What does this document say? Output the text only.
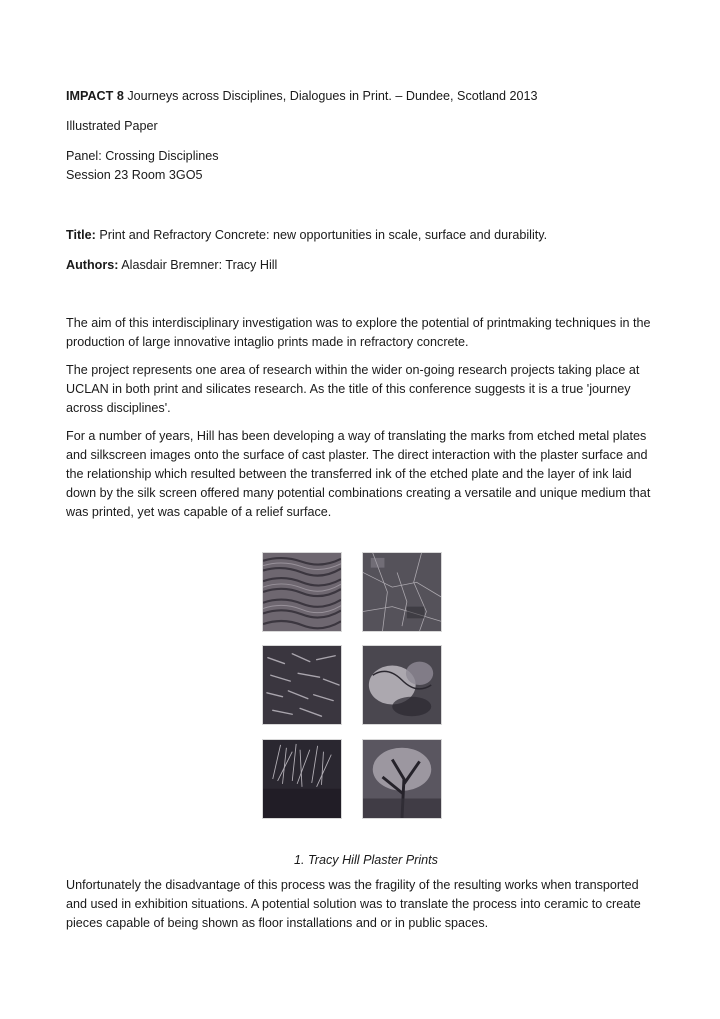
IMPACT 8 Journeys across Disciplines, Dialogues in Print. – Dundee, Scotland 2013
Illustrated Paper
Panel: Crossing Disciplines
Session 23 Room 3GO5
Title: Print and Refractory Concrete: new opportunities in scale, surface and durability.
Authors: Alasdair Bremner: Tracy Hill
The aim of this interdisciplinary investigation was to explore the potential of printmaking techniques in the production of large innovative intaglio prints made in refractory concrete.
The project represents one area of research within the wider on-going research projects taking place at UCLAN in both print and silicates research. As the title of this conference suggests it is a true 'journey across disciplines'.
For a number of years, Hill has been developing a way of translating the marks from etched metal plates and silkscreen images onto the surface of cast plaster. The direct interaction with the plaster surface and the relationship which resulted between the transferred ink of the etched plate and the layer of ink laid down by the silk screen offered many potential combinations creating a versatile and unique medium that was printed, yet was capable of a relief surface.
1. Tracy Hill Plaster Prints
Unfortunately the disadvantage of this process was the fragility of the resulting works when transported and used in exhibition situations. A potential solution was to translate the process into ceramic to create pieces capable of being shown as floor installations and or in public spaces.
